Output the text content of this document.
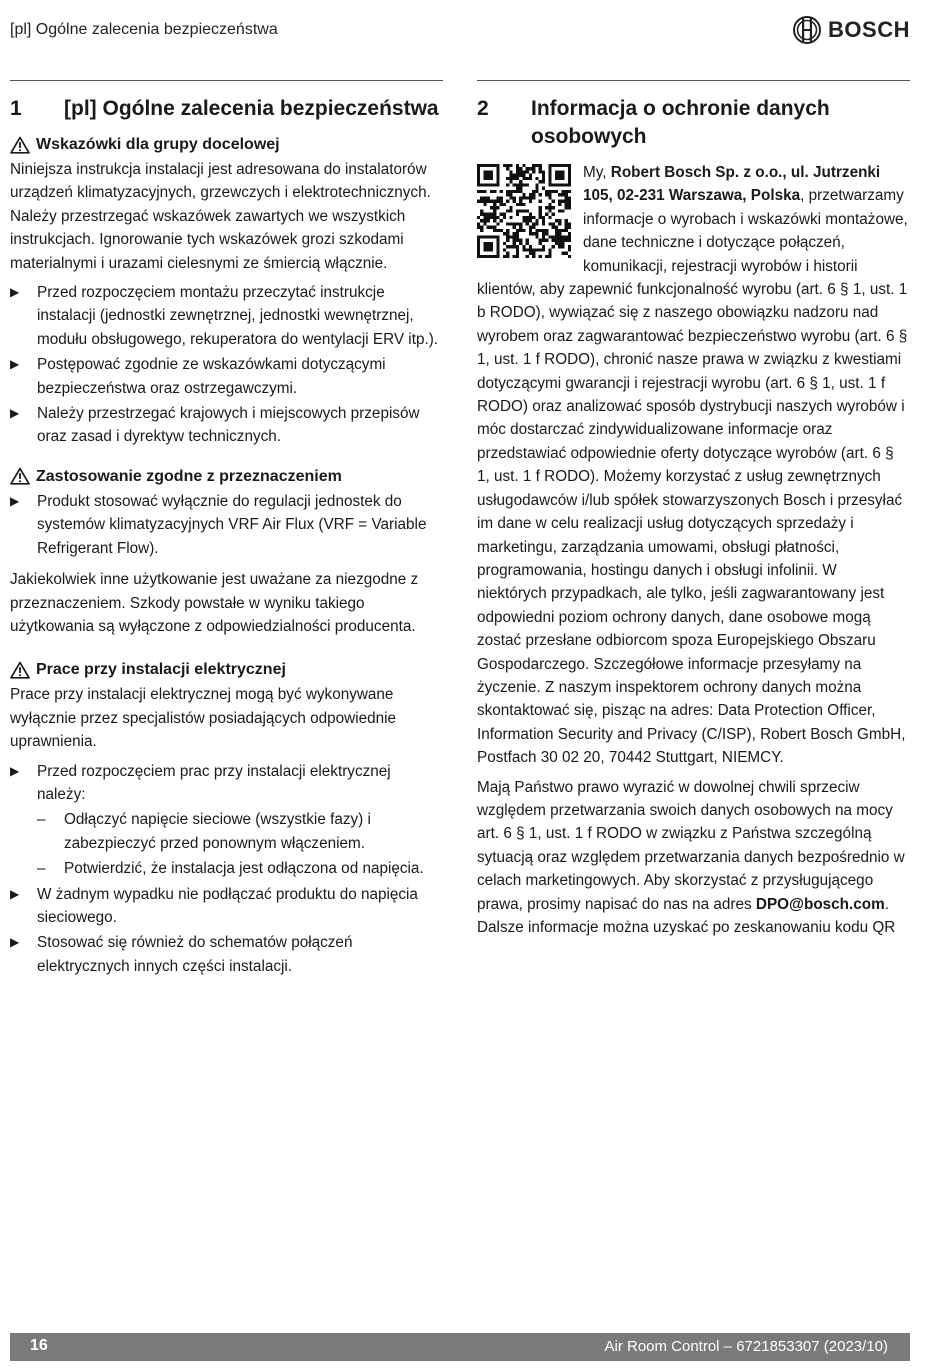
[pl] Ogólne zalecenia bezpieczeństwa	BOSCH
1	[pl] Ogólne zalecenia bezpieczeństwa
Wskazówki dla grupy docelowej

Niniejsza instrukcja instalacji jest adresowana do instalatorów urządzeń klimatyzacyjnych, grzewczych i elektrotechnicznych. Należy przestrzegać wskazówek zawartych we wszystkich instrukcjach. Ignorowanie tych wskazówek grozi szkodami materialnymi i urazami cielesnymi ze śmiercią włącznie.

▶	Przed rozpoczęciem montażu przeczytać instrukcje instalacji (jednostki zewnętrznej, jednostki wewnętrznej, modułu obsługowego, rekuperatora do wentylacji ERV itp.).
▶	Postępować zgodnie ze wskazówkami dotyczącymi bezpieczeństwa oraz ostrzegawczymi.
▶	Należy przestrzegać krajowych i miejscowych przepisów oraz zasad i dyrektyw technicznych.
Zastosowanie zgodne z przeznaczeniem
▶	Produkt stosować wyłącznie do regulacji jednostek do systemów klimatyzacyjnych VRF Air Flux (VRF = Variable Refrigerant Flow).

Jakiekolwiek inne użytkowanie jest uważane za niezgodne z przeznaczeniem. Szkody powstałe w wyniku takiego użytkowania są wyłączone z odpowiedzialności producenta.

Prace przy instalacji elektrycznej

Prace przy instalacji elektrycznej mogą być wykonywane wyłącznie przez specjalistów posiadających odpowiednie uprawnienia.

▶	Przed rozpoczęciem prac przy instalacji elektrycznej należy:
–	Odłączyć napięcie sieciowe (wszystkie fazy) i zabezpieczyć przed ponownym włączeniem.
–	Potwierdzić, że instalacja jest odłączona od napięcia.
▶	W żadnym wypadku nie podłączać produktu do napięcia sieciowego.
▶	Stosować się również do schematów połączeń elektrycznych innych części instalacji.
2	Informacja o ochronie danych osobowych

My, Robert Bosch Sp. z o.o., ul. Jutrzenki 105, 02-231 Warszawa, Polska, przetwarzamy informacje o wyrobach i wskazówki montażowe, dane techniczne i dotyczące połączeń, komunikacji, rejestracji wyrobów i historii klientów, aby zapewnić funkcjonalność wyrobu (art. 6 § 1, ust. 1 b RODO), wywiązać się z naszego obowiązku nadzoru nad wyrobem oraz zagwarantować bezpieczeństwo wyrobu (art. 6 § 1, ust. 1 f RODO), chronić nasze prawa w związku z kwestiami dotyczącymi gwarancji i rejestracji wyrobu (art. 6 § 1, ust. 1 f RODO) oraz analizować sposób dystrybucji naszych wyrobów i móc dostarczać zindywidualizowane informacje oraz przedstawiać odpowiednie oferty dotyczące wyrobów (art. 6 § 1, ust. 1 f RODO). Możemy korzystać z usług zewnętrznych usługodawców i/lub spółek stowarzyszonych Bosch i przesyłać im dane w celu realizacji usług dotyczących sprzedaży i marketingu, zarządzania umowami, obsługi płatności, programowania, hostingu danych i obsługi infolinii. W niektórych przypadkach, ale tylko, jeśli zagwarantowany jest odpowiedni poziom ochrony danych, dane osobowe mogą zostać przesłane odbiorcom spoza Europejskiego Obszaru Gospodarczego. Szczegółowe informacje przesyłamy na życzenie. Z naszym inspektorem ochrony danych można skontaktować się, pisząc na adres: Data Protection Officer, Information Security and Privacy (C/ISP), Robert Bosch GmbH, Postfach 30 02 20, 70442 Stuttgart, NIEMCY.

Mają Państwo prawo wyrazić w dowolnej chwili sprzeciw względem przetwarzania swoich danych osobowych na mocy art. 6 § 1, ust. 1 f RODO w związku z Państwa szczególną sytuacją oraz względem przetwarzania danych bezpośrednio w celach marketingowych. Aby skorzystać z przysługującego prawa, prosimy napisać do nas na adres DPO@bosch.com. Dalsze informacje można uzyskać po zeskanowaniu kodu QR

16	Air Room Control – 6721853307 (2023/10)
